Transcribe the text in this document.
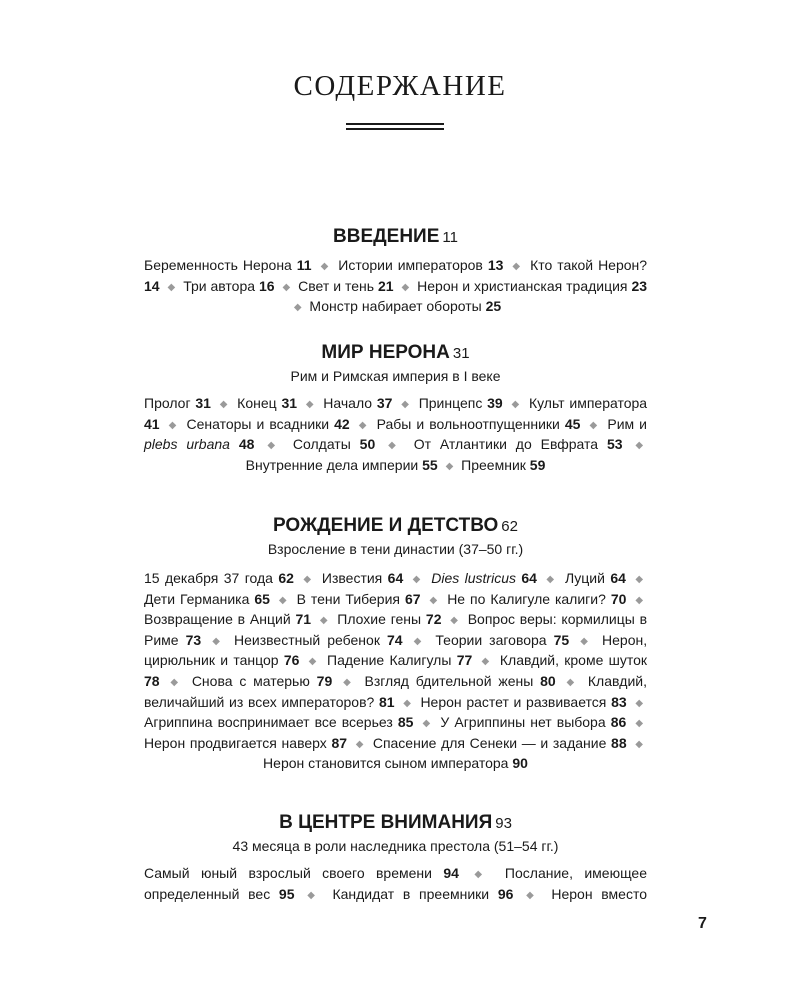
СОДЕРЖАНИЕ
ВВЕДЕНИЕ 11

Беременность Нерона 11 ◆ Истории императоров 13 ◆ Кто такой Нерон? 14 ◆ Три автора 16 ◆ Свет и тень 21 ◆ Нерон и христианская традиция 23 ◆ Монстр набирает обороты 25

МИР НЕРОНА 31

Рим и Римская империя в I веке

Пролог 31 ◆ Конец 31 ◆ Начало 37 ◆ Принцепс 39 ◆ Культ императора 41 ◆ Сенаторы и всадники 42 ◆ Рабы и вольноотпущенники 45 ◆ Рим и plebs urbana 48 ◆ Солдаты 50 ◆ От Атлантики до Евфрата 53 ◆ Внутренние дела империи 55 ◆ Преемник 59

РОЖДЕНИЕ И ДЕТСТВО 62

Взросление в тени династии (37–50 гг.)

15 декабря 37 года 62 ◆ Известия 64 ◆ Dies lustricus 64 ◆ Луций 64 ◆ Дети Германика 65 ◆ В тени Тиберия 67 ◆ Не по Калигуле калиги? 70 ◆ Возвращение в Анций 71 ◆ Плохие гены 72 ◆ Вопрос веры: кормилицы в Риме 73 ◆ Неизвестный ребенок 74 ◆ Теории заговора 75 ◆ Нерон, цирюльник и танцор 76 ◆ Падение Калигулы 77 ◆ Клавдий, кроме шуток 78 ◆ Снова с матерью 79 ◆ Взгляд бдительной жены 80 ◆ Клавдий, величайший из всех императоров? 81 ◆ Нерон растет и развивается 83 ◆ Агриппина воспринимает все всерьез 85 ◆ У Агриппины нет выбора 86 ◆ Нерон продвигается наверх 87 ◆ Спасение для Сенеки — и задание 88 ◆ Нерон становится сыном императора 90

В ЦЕНТРЕ ВНИМАНИЯ 93

43 месяца в роли наследника престола (51–54 гг.)

Самый юный взрослый своего времени 94 ◆ Послание, имеющее определенный вес 95 ◆ Кандидат в преемники 96 ◆ Нерон вместо

7
